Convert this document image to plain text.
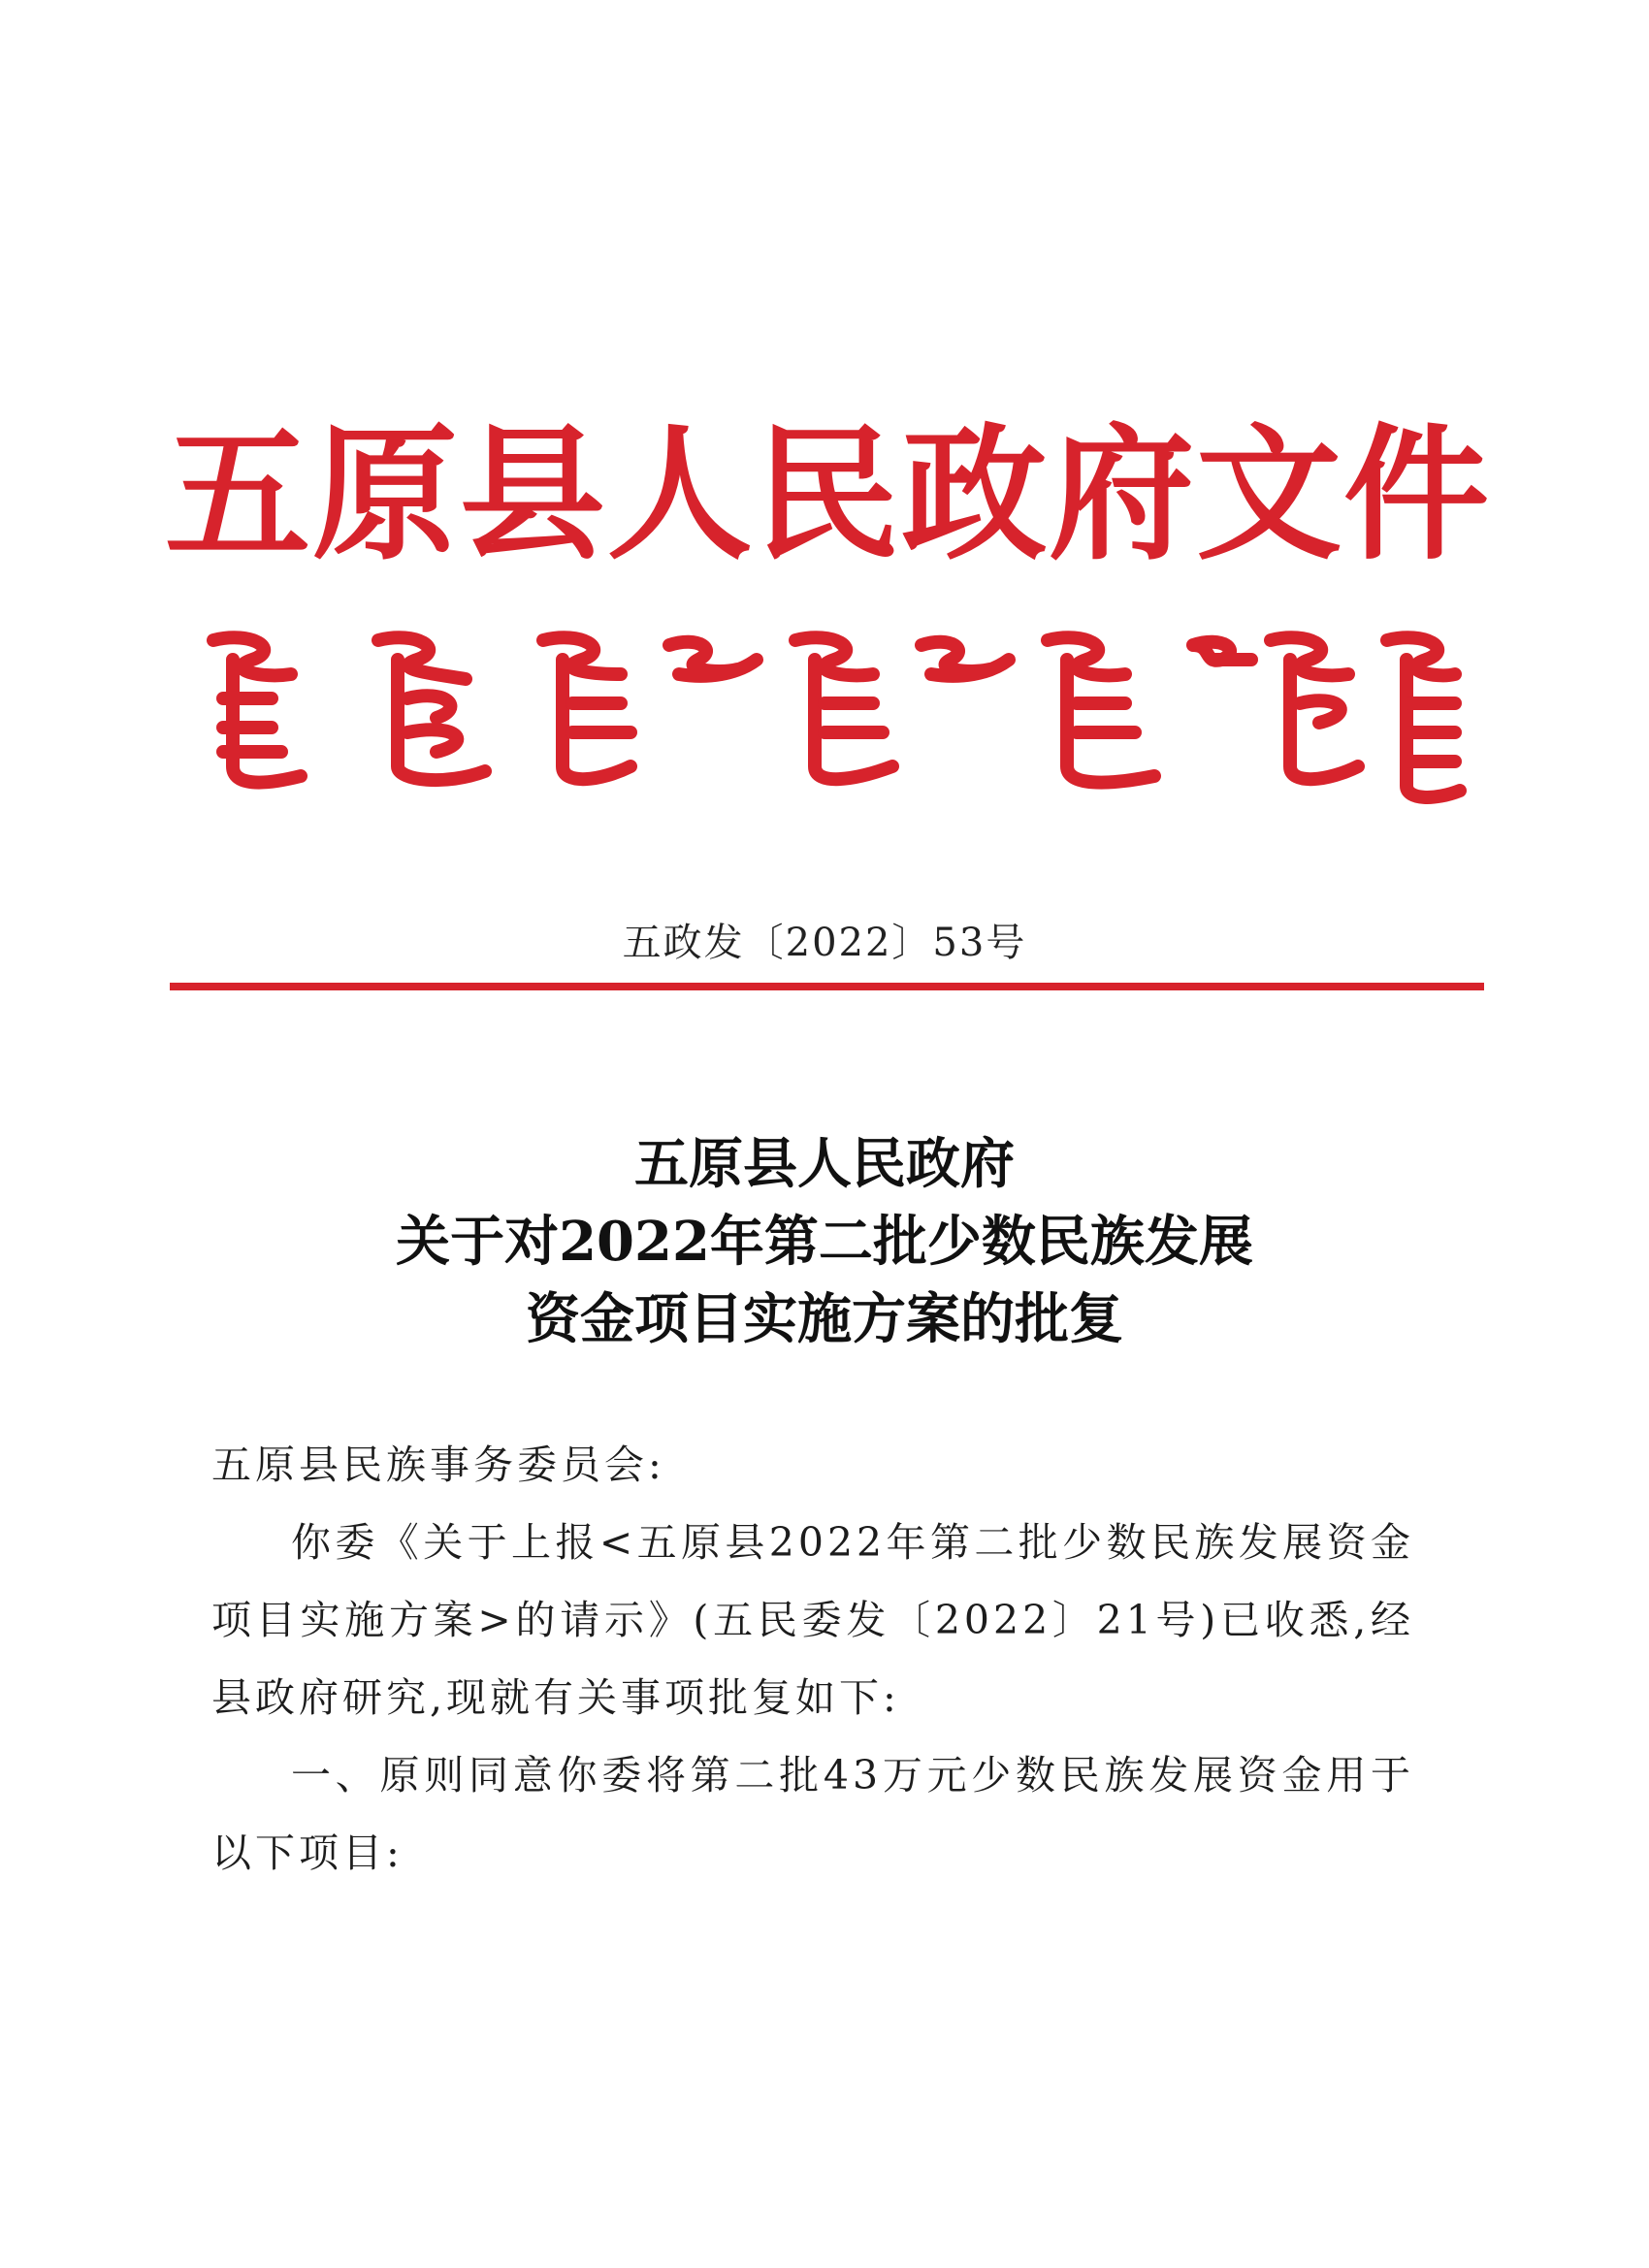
五原县人民政府文件
五政发〔2022〕53号
五原县人民政府
关于对2022年第二批少数民族发展
资金项目实施方案的批复

五原县民族事务委员会:

你委《关于上报<五原县2022年第二批少数民族发展资金项目实施方案>的请示》(五民委发〔2022〕21号)已收悉,经县政府研究,现就有关事项批复如下:

一、原则同意你委将第二批43万元少数民族发展资金用于以下项目:
